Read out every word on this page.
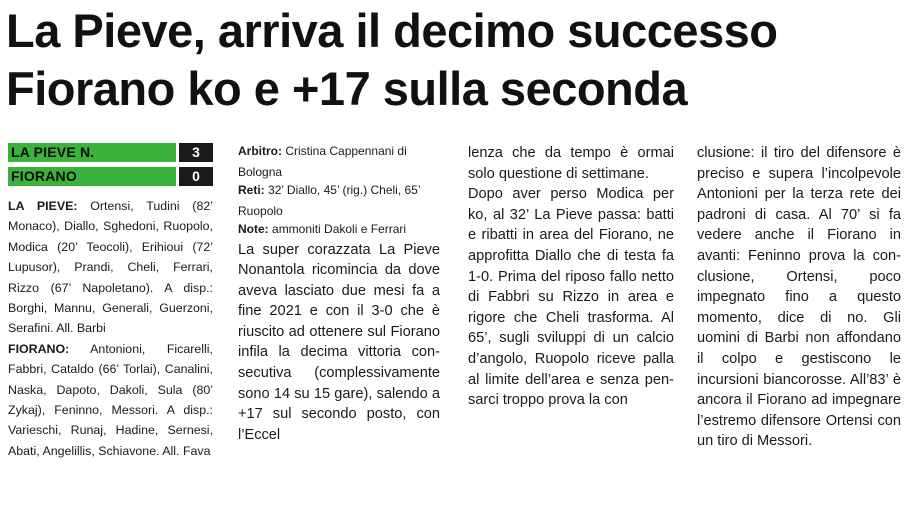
La Pieve, arriva il decimo successo
Fiorano ko e +17 sulla seconda
LA PIEVE N.	3
FIORANO	0
LA PIEVE: Ortensi, Tudini (82’ Monaco), Diallo, Sghedoni, Ruopolo, Modica (20’ Teocoli), Erihioui (72’ Lupusor), Prandi, Cheli, Ferrari, Rizzo (67’ Napoletano). A disp.: Borghi, Mannu, Generali, Guerzoni, Serafini. All. Barbi
FIORANO: Antonioni, Ficarelli, Fabbri, Cataldo (66’ Torlai), Canalini, Naska, Dapoto, Dakoli, Sula (80’ Zykaj), Feninno, Messori. A disp.: Varieschi, Runaj, Hadine, Sernesi, Abati, Angelillis, Schiavone. All. Fava
Arbitro: Cristina Cappennani di Bologna
Reti: 32’ Diallo, 45’ (rig.) Cheli, 65’ Ruopolo
Note: ammoniti Dakoli e Ferrari

La super corazzata La Pieve Nonantola ricomincia da dove aveva lasciato due mesi fa a fine 2021 e con il 3-0 che è riuscito ad ottenere sul Fiorano infila la decima vittoria consecutiva (complessivamente sono 14 su 15 gare), salendo a +17 sul secondo posto, con l’Eccel

lenza che da tempo è ormai solo questione di settimane.

Dopo aver perso Modica per ko, al 32’ La Pieve passa: batti e ribatti in area del Fiorano, ne approfitta Diallo che di testa fa 1-0. Prima del riposo fallo netto di Fabbri su Rizzo in area e rigore che Cheli trasforma. Al 65’, sugli sviluppi di un calcio d’angolo, Ruopolo riceve palla al limite dell’area e senza pensarci troppo prova la con

clusione: il tiro del difensore è preciso e supera l’incolpevole Antonioni per la terza rete dei padroni di casa. Al 70’ si fa vedere anche il Fiorano in avanti: Feninno prova la conclusione, Ortensi, poco impegnato fino a questo momento, dice di no. Gli uomini di Barbi non affondano il colpo e gestiscono le incursioni biancorosse. All’83’ è ancora il Fiorano ad impegnare l’estremo difensore Ortensi con un tiro di Messori.
